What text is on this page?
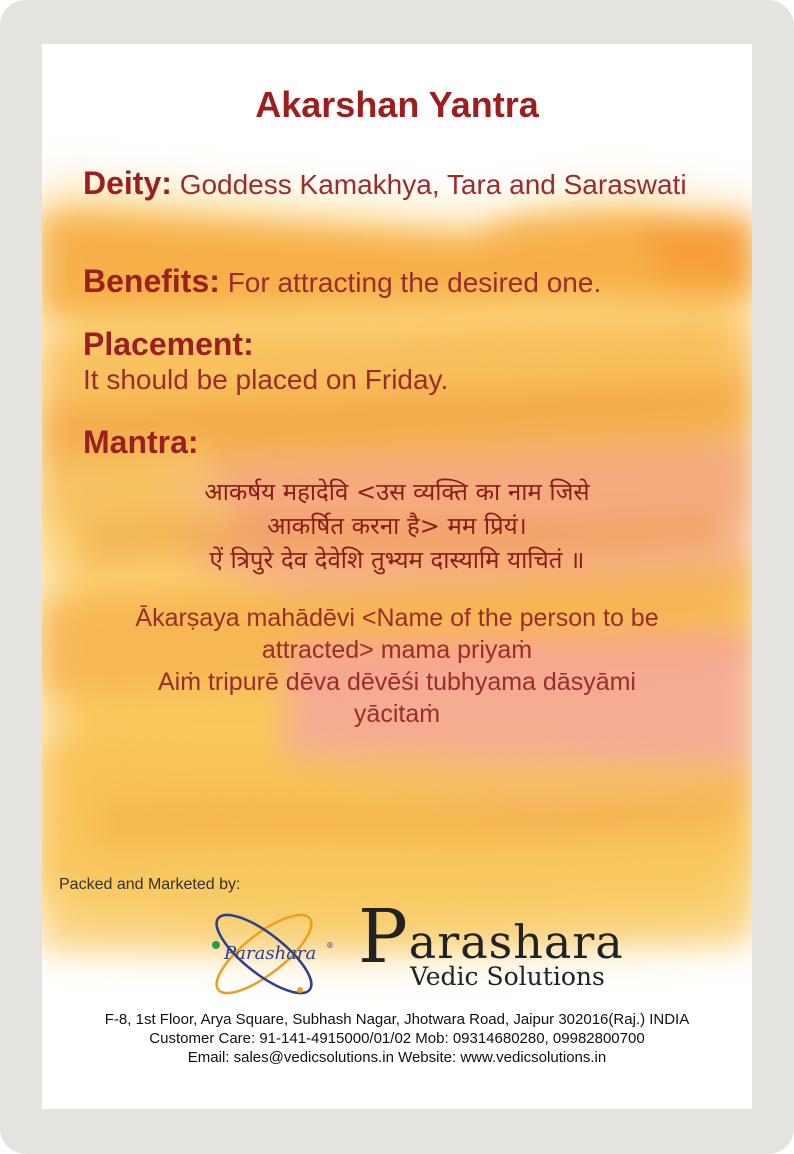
Akarshan Yantra
Deity: Goddess Kamakhya, Tara and Saraswati
Benefits: For attracting the desired one.
Placement:
It should be placed on Friday.
Mantra:
आकर्षय महादेवि <उस व्यक्ति का नाम जिसे
आकर्षित करना है> मम प्रियं।
ऐं त्रिपुरे देव देवेशि तुभ्यम दास्यामि याचितं ॥
Ākarṣaya mahādēvi <Name of the person to be
attracted> mama priyaṁ
Aiṁ tripurē dēva dēvēśi tubhyama dāsyāmi
yācitaṁ
Packed and Marketed by:
Parashara ® Parashara
Vedic Solutions
F-8, 1st Floor, Arya Square, Subhash Nagar, Jhotwara Road, Jaipur 302016(Raj.) INDIA
Customer Care: 91-141-4915000/01/02 Mob: 09314680280, 09982800700
Email: sales@vedicsolutions.in Website: www.vedicsolutions.in
